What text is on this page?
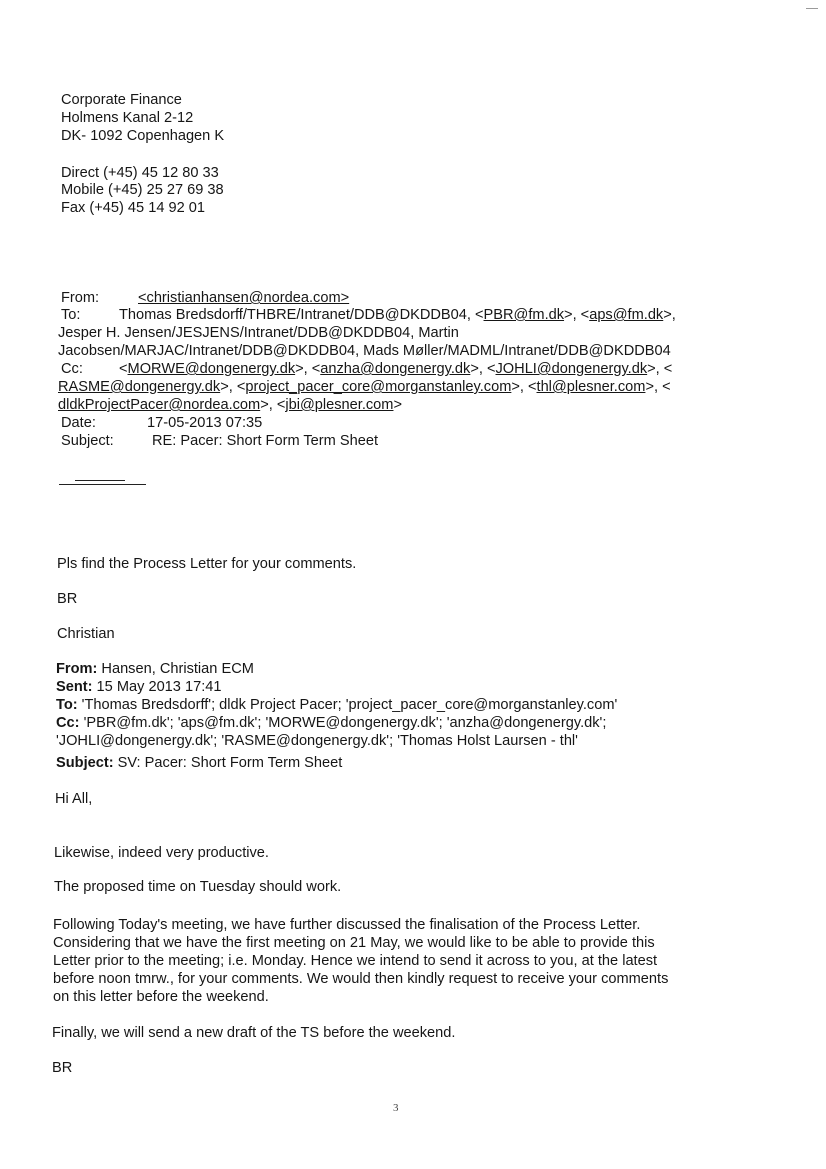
Corporate Finance
Holmens Kanal 2-12
DK- 1092 Copenhagen K
Direct (+45) 45 12 80 33
Mobile (+45) 25 27 69 38
Fax (+45) 45 14 92 01
From:	<christianhansen@nordea.com>
To:	Thomas Bredsdorff/THBRE/Intranet/DDB@DKDDB04, <PBR@fm.dk>, <aps@fm.dk>,
Jesper H. Jensen/JESJENS/Intranet/DDB@DKDDB04, Martin
Jacobsen/MARJAC/Intranet/DDB@DKDDB04, Mads Møller/MADML/Intranet/DDB@DKDDB04
Cc: <MORWE@dongenergy.dk>, <anzha@dongenergy.dk>, <JOHLI@dongenergy.dk>, <
RASME@dongenergy.dk>, <project_pacer_core@morganstanley.com>, <thl@plesner.com>, <
dldkProjectPacer@nordea.com>, <jbi@plesner.com>
Date:	17-05-2013 07:35
Subject:	RE: Pacer: Short Form Term Sheet
Pls find the Process Letter for your comments.
BR
Christian
From: Hansen, Christian ECM
Sent: 15 May 2013 17:41
To: 'Thomas Bredsdorff'; dldk Project Pacer; 'project_pacer_core@morganstanley.com'
Cc: 'PBR@fm.dk'; 'aps@fm.dk'; 'MORWE@dongenergy.dk'; 'anzha@dongenergy.dk';
'JOHLI@dongenergy.dk'; 'RASME@dongenergy.dk'; 'Thomas Holst Laursen - thl'
Subject: SV: Pacer: Short Form Term Sheet
Hi All,
Likewise, indeed very productive.
The proposed time on Tuesday should work.
Following Today's meeting, we have further discussed the finalisation of the Process Letter.
Considering that we have the first meeting on 21 May, we would like to be able to provide this
Letter prior to the meeting; i.e. Monday. Hence we intend to send it across to you, at the latest
before noon tmrw., for your comments. We would then kindly request to receive your comments
on this letter before the weekend.
Finally, we will send a new draft of the TS before the weekend.
BR
3
